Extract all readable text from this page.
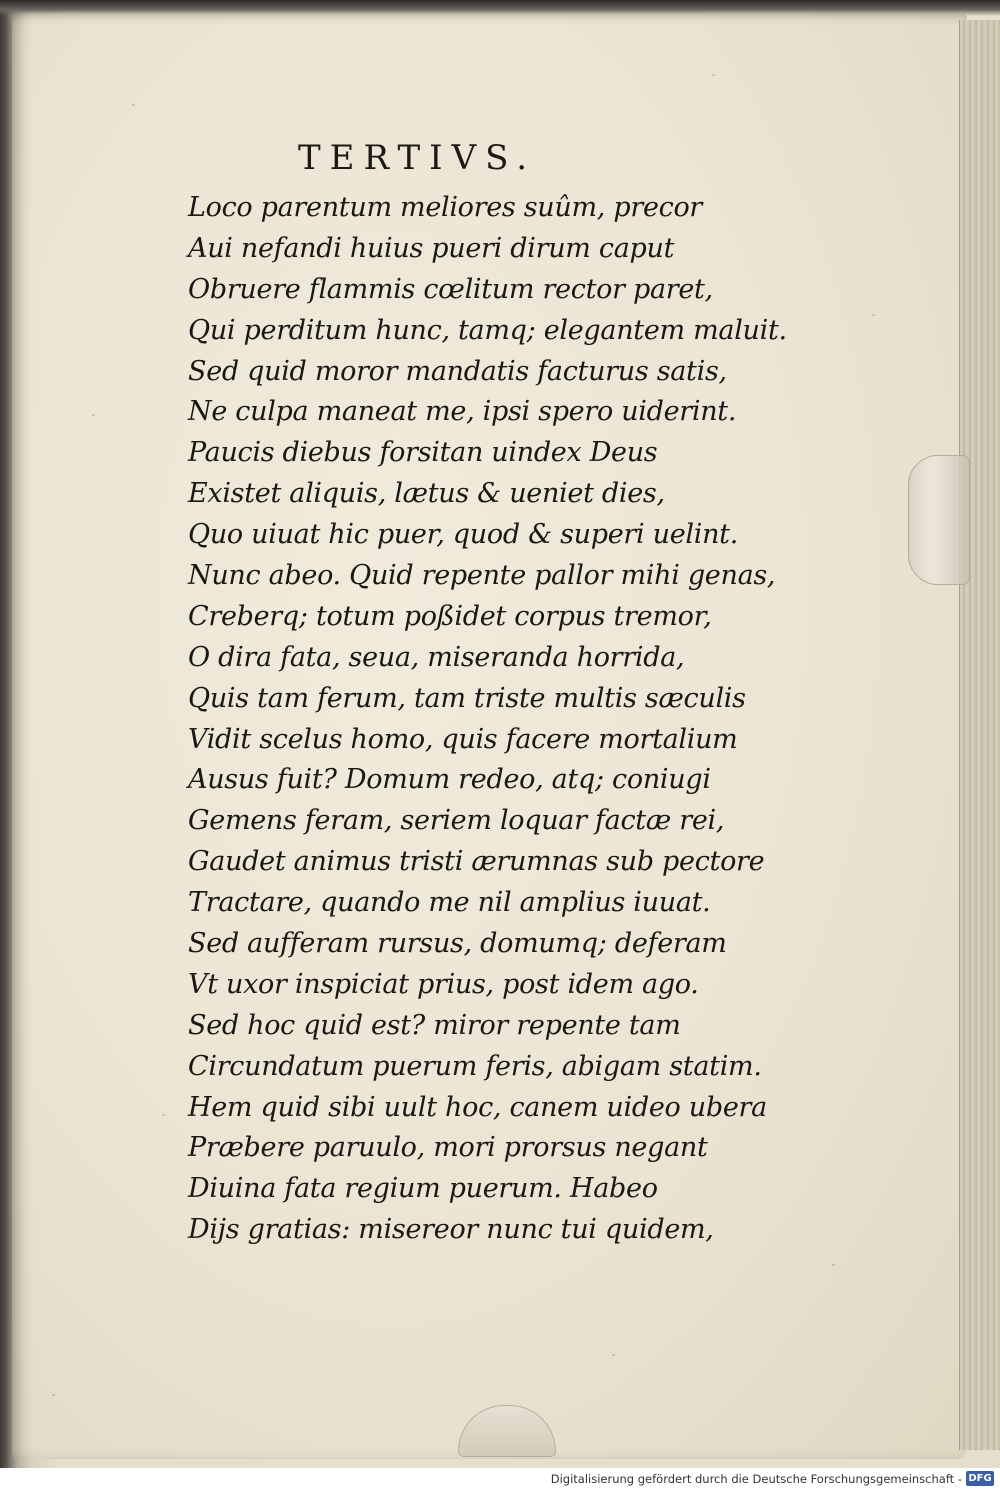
TERTIVS.
Loco parentum meliores suûm, precor
Aui nefandi huius pueri dirum caput
Obruere flammis cœlitum rector paret,
Qui perditum hunc, tamq; elegantem maluit.
Sed quid moror mandatis facturus satis,
Ne culpa maneat me, ipsi spero uiderint.
Paucis diebus forsitan uindex Deus
Existet aliquis, lætus & ueniet dies,
Quo uiuat hic puer, quod & superi uelint.
Nunc abeo. Quid repente pallor mihi genas,
Creberq; totum poßidet corpus tremor,
O dira fata, seua, miseranda horrida,
Quis tam ferum, tam triste multis sæculis
Vidit scelus homo, quis facere mortalium
Ausus fuit? Domum redeo, atq; coniugi
Gemens feram, seriem loquar factæ rei,
Gaudet animus tristi ærumnas sub pectore
Tractare, quando me nil amplius iuuat.
Sed aufferam rursus, domumq; deferam
Vt uxor inspiciat prius, post idem ago.
Sed hoc quid est? miror repente tam
Circundatum puerum feris, abigam statim.
Hem quid sibi uult hoc, canem uideo ubera
Præbere paruulo, mori prorsus negant
Diuina fata regium puerum. Habeo
Dijs gratias: misereor nunc tui quidem,
Digitalisierung gefördert durch die Deutsche Forschungsgemeinschaft - DFG
